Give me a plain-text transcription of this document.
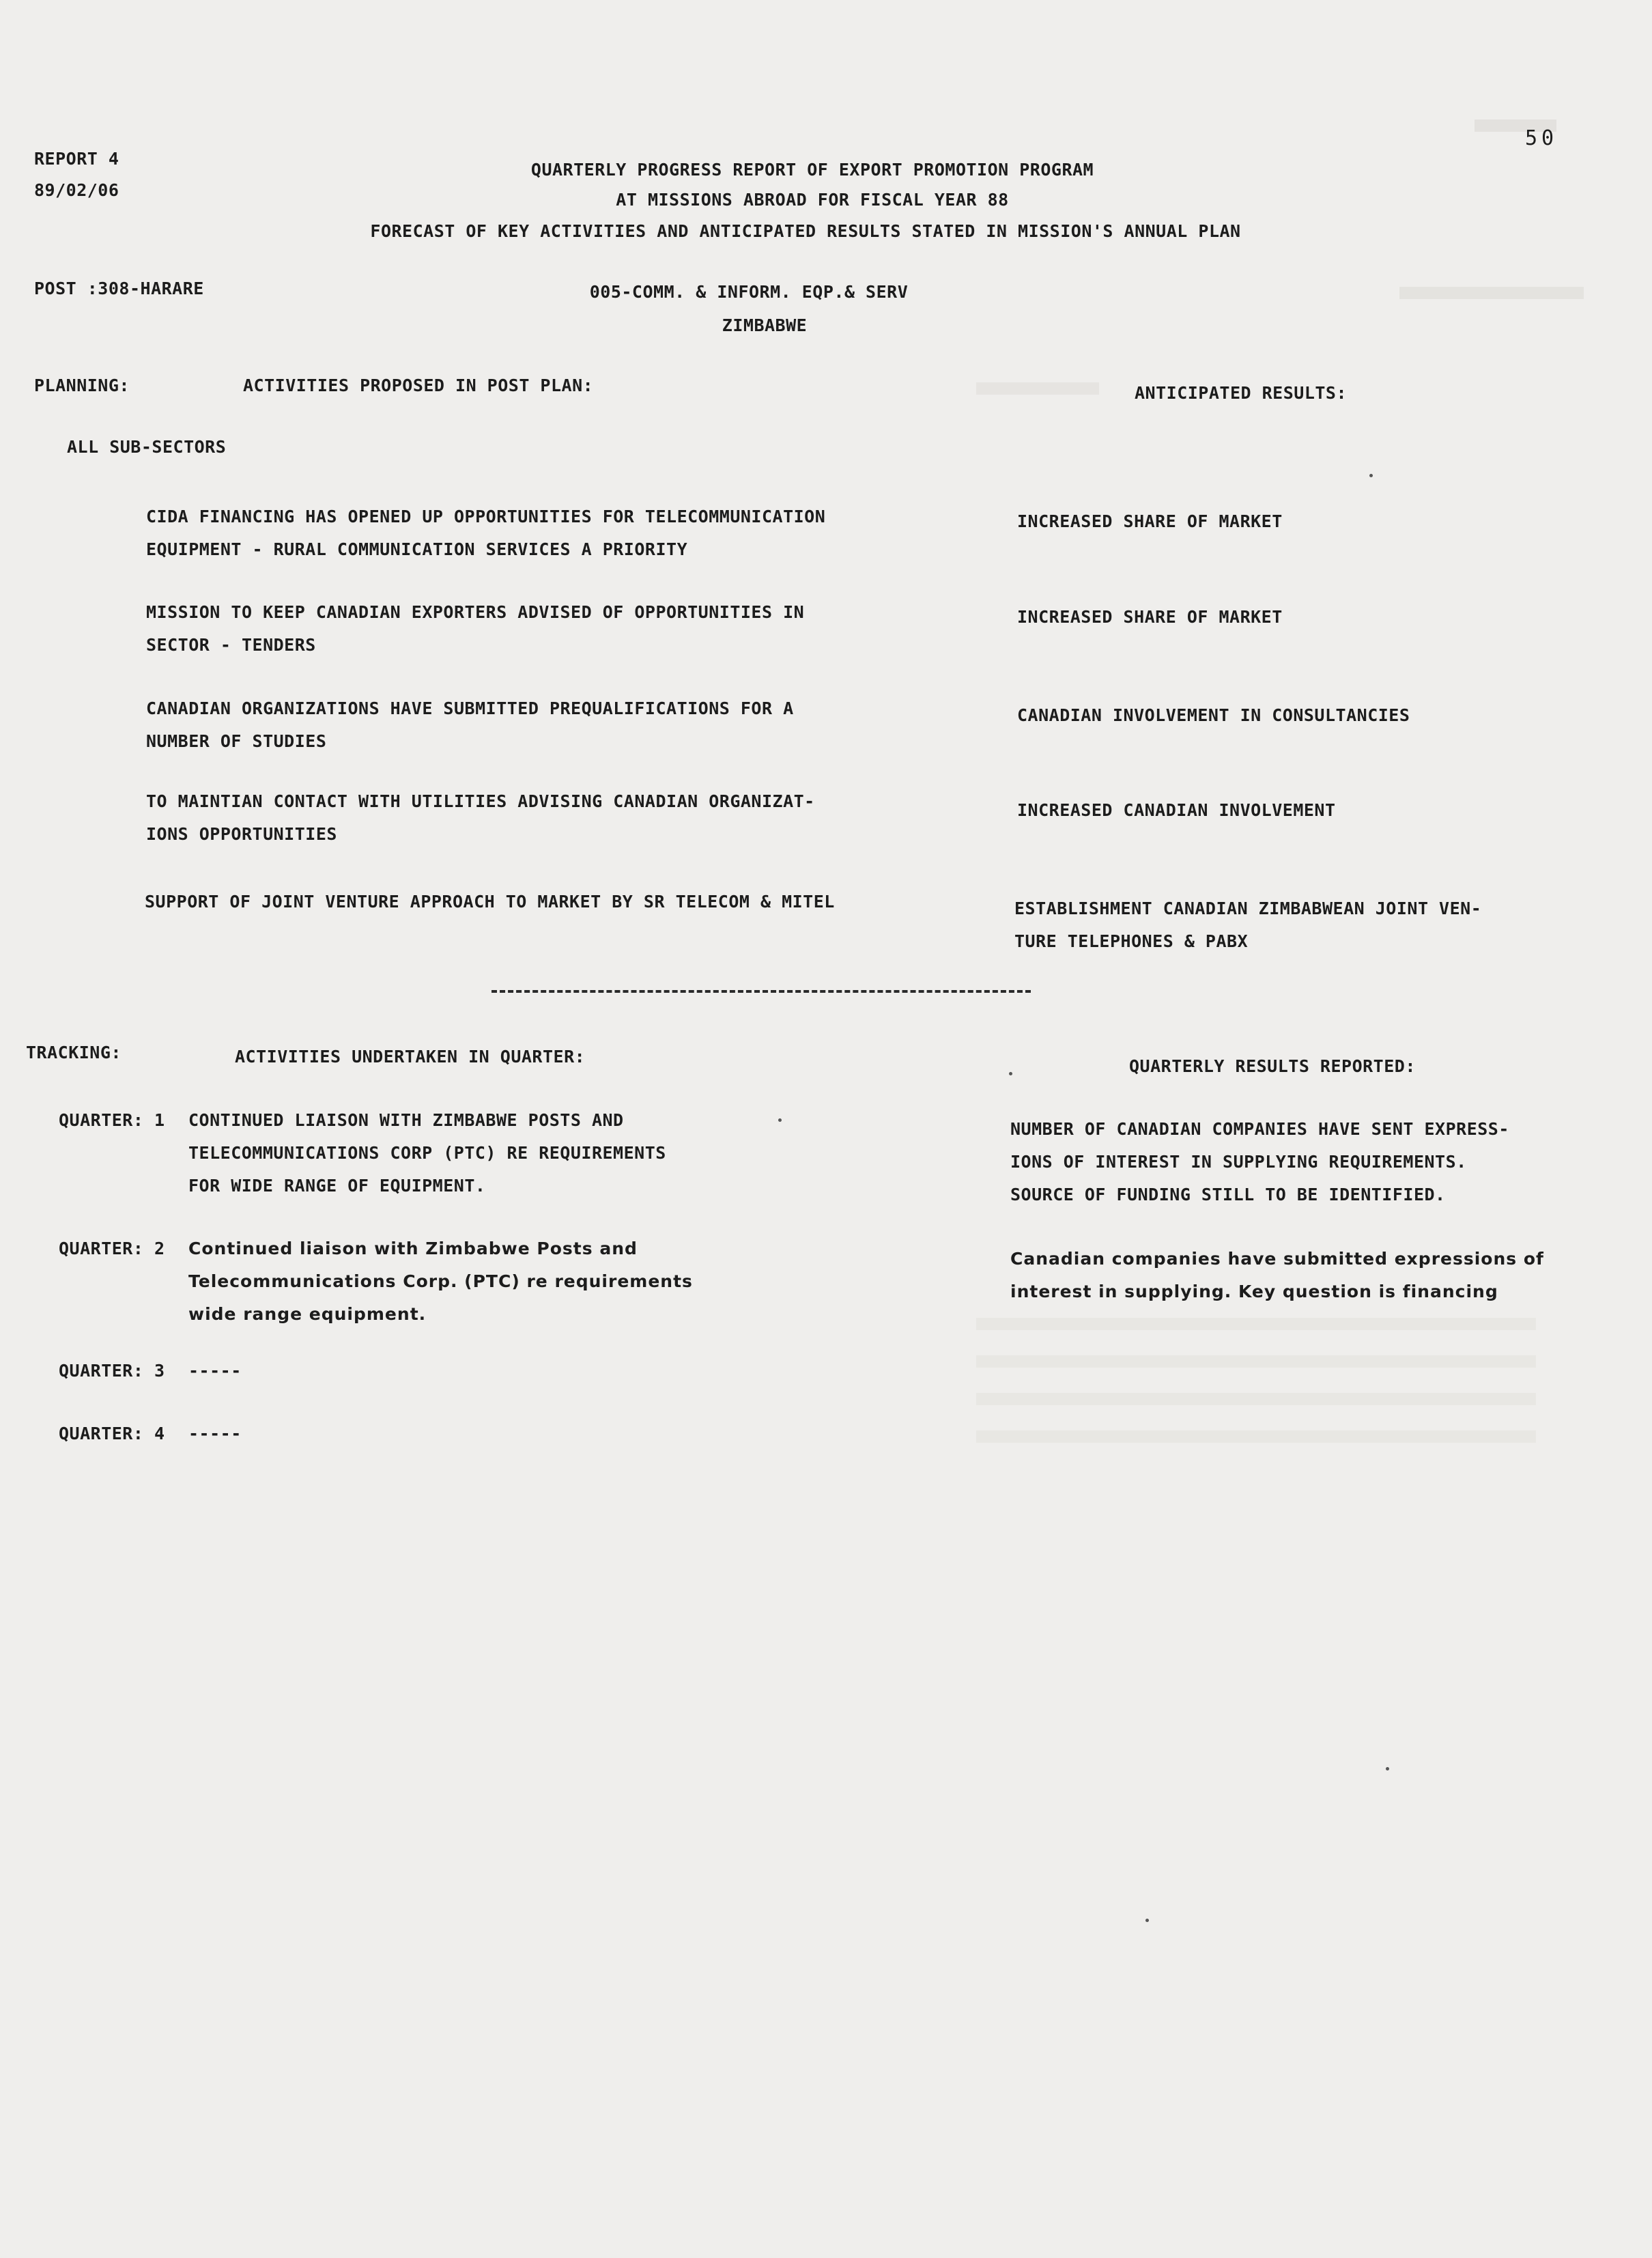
50
REPORT 4
89/02/06
QUARTERLY PROGRESS REPORT OF EXPORT PROMOTION PROGRAM
AT MISSIONS ABROAD FOR FISCAL YEAR 88
FORECAST OF KEY ACTIVITIES AND ANTICIPATED RESULTS STATED IN MISSION'S ANNUAL PLAN
POST :308-HARARE	005-COMM. & INFORM. EQP.& SERV
ZIMBABWE
PLANNING:	ACTIVITIES PROPOSED IN POST PLAN:	ANTICIPATED RESULTS:
ALL SUB-SECTORS
CIDA FINANCING HAS OPENED UP OPPORTUNITIES FOR TELECOMMUNICATION
EQUIPMENT - RURAL COMMUNICATION SERVICES A PRIORITY
INCREASED SHARE OF MARKET
MISSION TO KEEP CANADIAN EXPORTERS ADVISED OF OPPORTUNITIES IN
SECTOR - TENDERS
INCREASED SHARE OF MARKET
CANADIAN ORGANIZATIONS HAVE SUBMITTED PREQUALIFICATIONS FOR A
NUMBER OF STUDIES
CANADIAN INVOLVEMENT IN CONSULTANCIES
TO MAINTIAN CONTACT WITH UTILITIES ADVISING CANADIAN ORGANIZAT-
IONS OPPORTUNITIES
INCREASED CANADIAN INVOLVEMENT
SUPPORT OF JOINT VENTURE APPROACH TO MARKET BY SR TELECOM & MITEL	ESTABLISHMENT CANADIAN ZIMBABWEAN JOINT VEN-
TURE TELEPHONES & PABX
TRACKING:	ACTIVITIES UNDERTAKEN IN QUARTER:	QUARTERLY RESULTS REPORTED:
QUARTER: 1 CONTINUED LIAISON WITH ZIMBABWE POSTS AND
TELECOMMUNICATIONS CORP (PTC) RE REQUIREMENTS
FOR WIDE RANGE OF EQUIPMENT.
NUMBER OF CANADIAN COMPANIES HAVE SENT EXPRESS-
IONS OF INTEREST IN SUPPLYING REQUIREMENTS.
SOURCE OF FUNDING STILL TO BE IDENTIFIED.
QUARTER: 2 Continued liaison with Zimbabwe Posts and
Telecommunications Corp. (PTC) re requirements
wide range equipment.
Canadian companies have submitted expressions of
interest in supplying. Key question is financing
QUARTER: 3 -----
QUARTER: 4 -----
